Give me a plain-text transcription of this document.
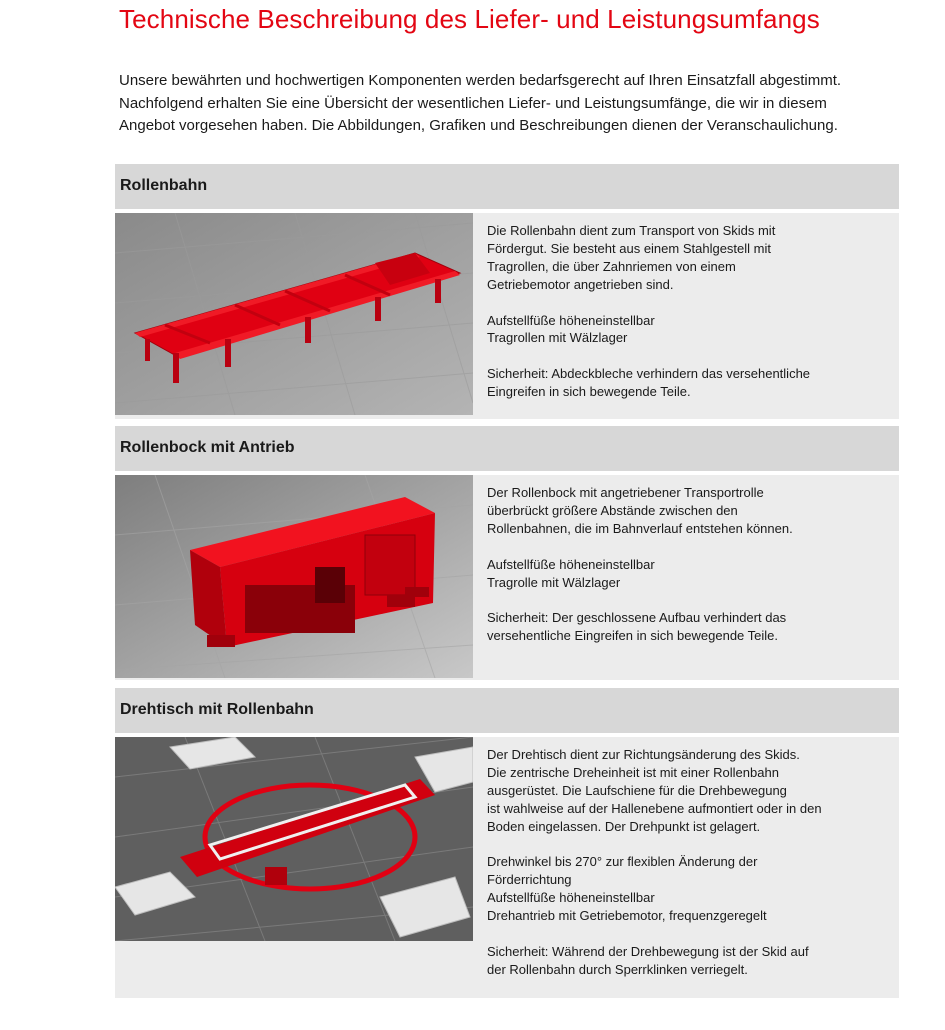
Technische Beschreibung des Liefer- und Leistungsumfangs
Unsere bewährten und hochwertigen Komponenten werden bedarfsgerecht auf Ihren Einsatzfall abgestimmt.
Nachfolgend erhalten Sie eine Übersicht der wesentlichen Liefer- und Leistungsumfänge, die wir in diesem
Angebot vorgesehen haben. Die Abbildungen, Grafiken und Beschreibungen dienen der Veranschaulichung.
Rollenbahn

Die Rollenbahn dient zum Transport von Skids mit
Fördergut. Sie besteht aus einem Stahlgestell mit
Tragrollen, die über Zahnriemen von einem
Getriebemotor angetrieben sind.

Aufstellfüße höheneinstellbar
Tragrollen mit Wälzlager

Sicherheit: Abdeckbleche verhindern das versehentliche
Eingreifen in sich bewegende Teile.

Rollenbock mit Antrieb

Der Rollenbock mit angetriebener Transportrolle
überbrückt größere Abstände zwischen den
Rollenbahnen, die im Bahnverlauf entstehen können.

Aufstellfüße höheneinstellbar
Tragrolle mit Wälzlager

Sicherheit: Der geschlossene Aufbau verhindert das
versehentliche Eingreifen in sich bewegende Teile.

Drehtisch mit Rollenbahn

Der Drehtisch dient zur Richtungsänderung des Skids.
Die zentrische Dreheinheit ist mit einer Rollenbahn
ausgerüstet. Die Laufschiene für die Drehbewegung
ist wahlweise auf der Hallenebene aufmontiert oder in den
Boden eingelassen. Der Drehpunkt ist gelagert.

Drehwinkel bis 270° zur flexiblen Änderung der
Förderrichtung
Aufstellfüße höheneinstellbar
Drehantrieb mit Getriebemotor, frequenzgeregelt

Sicherheit: Während der Drehbewegung ist der Skid auf
der Rollenbahn durch Sperrklinken verriegelt.
